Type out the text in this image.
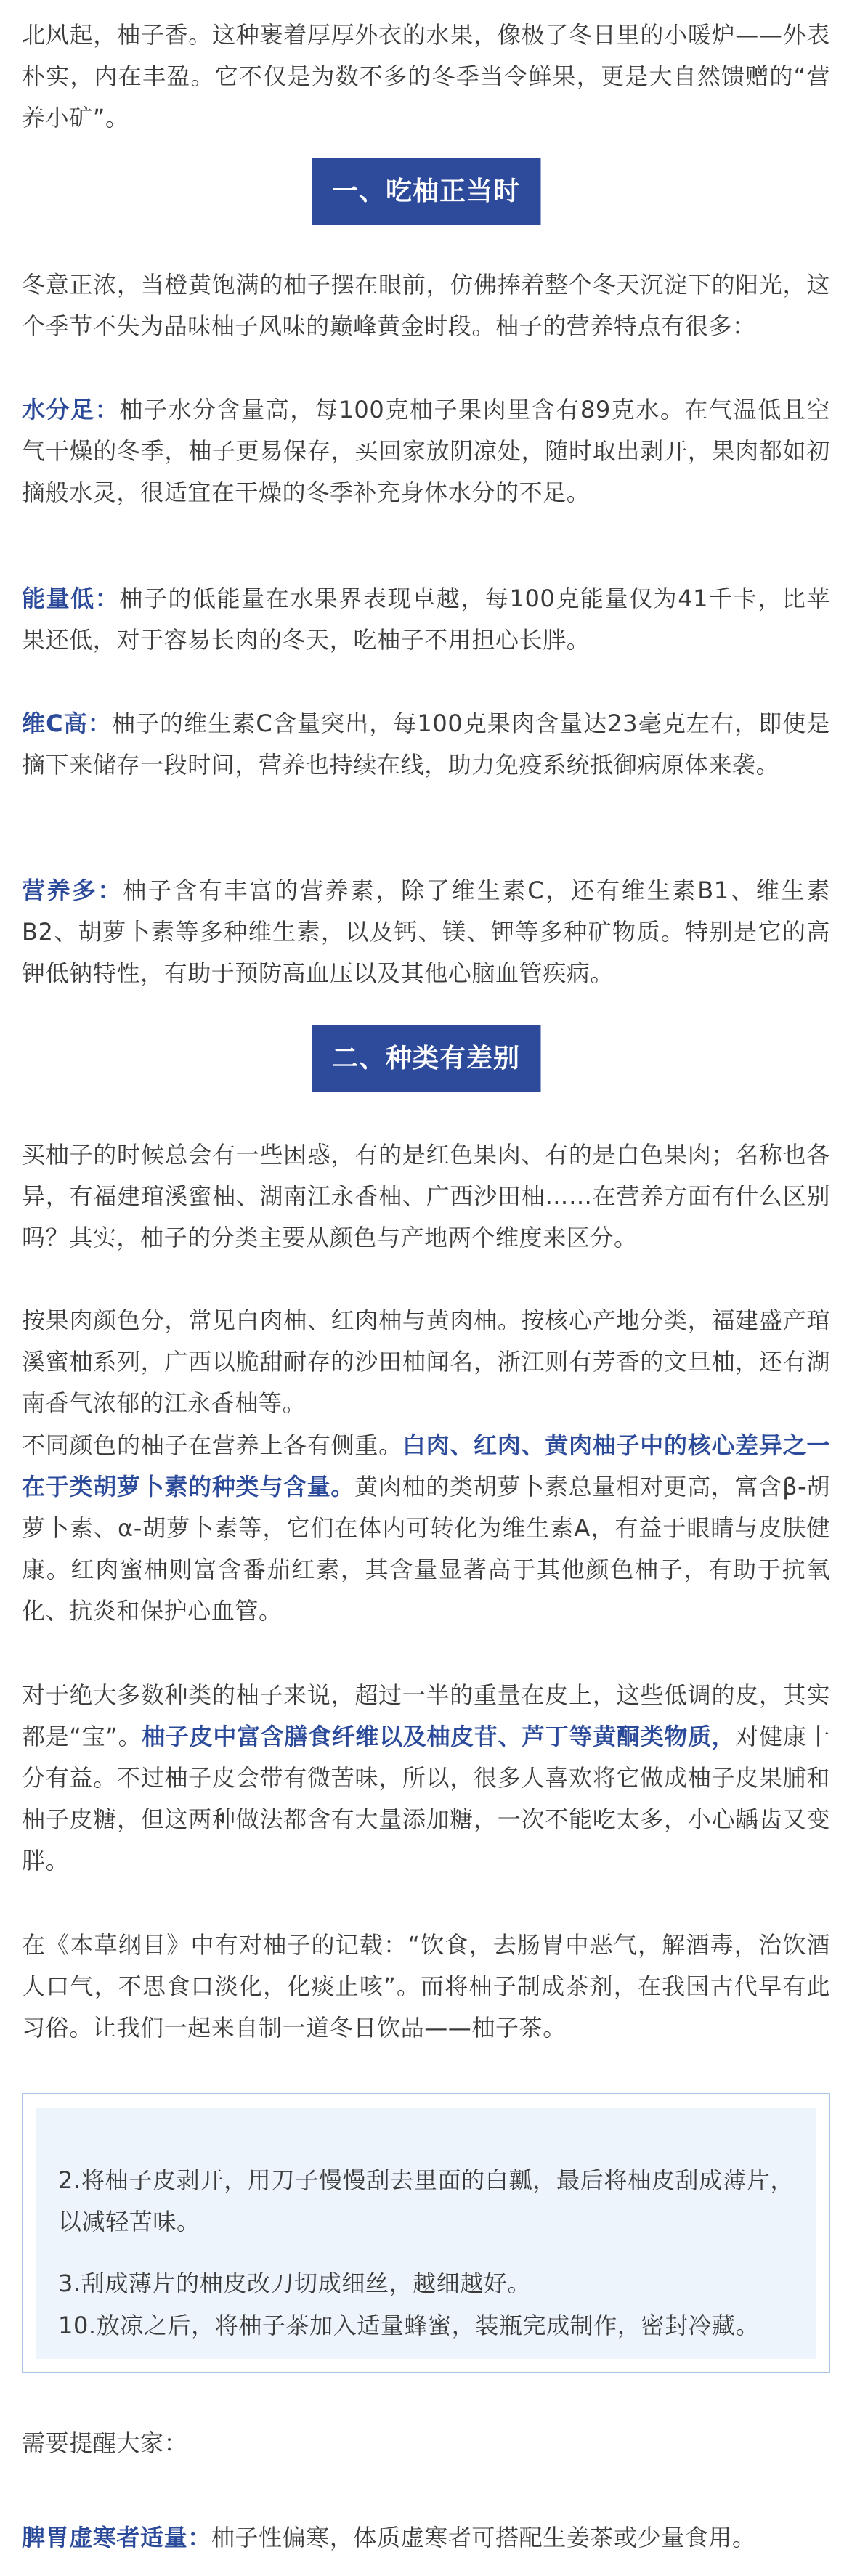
北风起，柚子香。这种裹着厚厚外衣的水果，像极了冬日里的小暖炉——外表朴实，内在丰盈。它不仅是为数不多的冬季当令鲜果，更是大自然馈赠的“营养小矿”。

一、吃柚正当时

冬意正浓，当橙黄饱满的柚子摆在眼前，仿佛捧着整个冬天沉淀下的阳光，这个季节不失为品味柚子风味的巅峰黄金时段。柚子的营养特点有很多：

水分足：柚子水分含量高，每100克柚子果肉里含有89克水。在气温低且空气干燥的冬季，柚子更易保存，买回家放阴凉处，随时取出剥开，果肉都如初摘般水灵，很适宜在干燥的冬季补充身体水分的不足。

能量低：柚子的低能量在水果界表现卓越，每100克能量仅为41千卡，比苹果还低，对于容易长肉的冬天，吃柚子不用担心长胖。

维C高：柚子的维生素C含量突出，每100克果肉含量达23毫克左右，即使是摘下来储存一段时间，营养也持续在线，助力免疫系统抵御病原体来袭。

营养多：柚子含有丰富的营养素，除了维生素C，还有维生素B1、维生素B2、胡萝卜素等多种维生素，以及钙、镁、钾等多种矿物质。特别是它的高钾低钠特性，有助于预防高血压以及其他心脑血管疾病。

二、种类有差别

买柚子的时候总会有一些困惑，有的是红色果肉、有的是白色果肉；名称也各异，有福建琯溪蜜柚、湖南江永香柚、广西沙田柚……在营养方面有什么区别吗？其实，柚子的分类主要从颜色与产地两个维度来区分。

按果肉颜色分，常见白肉柚、红肉柚与黄肉柚。按核心产地分类，福建盛产琯溪蜜柚系列，广西以脆甜耐存的沙田柚闻名，浙江则有芳香的文旦柚，还有湖南香气浓郁的江永香柚等。

不同颜色的柚子在营养上各有侧重。白肉、红肉、黄肉柚子中的核心差异之一在于类胡萝卜素的种类与含量。黄肉柚的类胡萝卜素总量相对更高，富含β-胡萝卜素、α-胡萝卜素等，它们在体内可转化为维生素A，有益于眼睛与皮肤健康。红肉蜜柚则富含番茄红素，其含量显著高于其他颜色柚子，有助于抗氧化、抗炎和保护心血管。

对于绝大多数种类的柚子来说，超过一半的重量在皮上，这些低调的皮，其实都是“宝”。柚子皮中富含膳食纤维以及柚皮苷、芦丁等黄酮类物质，对健康十分有益。不过柚子皮会带有微苦味，所以，很多人喜欢将它做成柚子皮果脯和柚子皮糖，但这两种做法都含有大量添加糖，一次不能吃太多，小心龋齿又变胖。

在《本草纲目》中有对柚子的记载：“饮食，去肠胃中恶气，解酒毒，治饮酒人口气，不思食口淡化，化痰止咳”。而将柚子制成茶剂，在我国古代早有此习俗。让我们一起来自制一道冬日饮品——柚子茶。

2.将柚子皮剥开，用刀子慢慢刮去里面的白瓤，最后将柚皮刮成薄片，以减轻苦味。

3.刮成薄片的柚皮改刀切成细丝，越细越好。

10.放凉之后，将柚子茶加入适量蜂蜜，装瓶完成制作，密封冷藏。

需要提醒大家：

脾胃虚寒者适量：柚子性偏寒，体质虚寒者可搭配生姜茶或少量食用。
